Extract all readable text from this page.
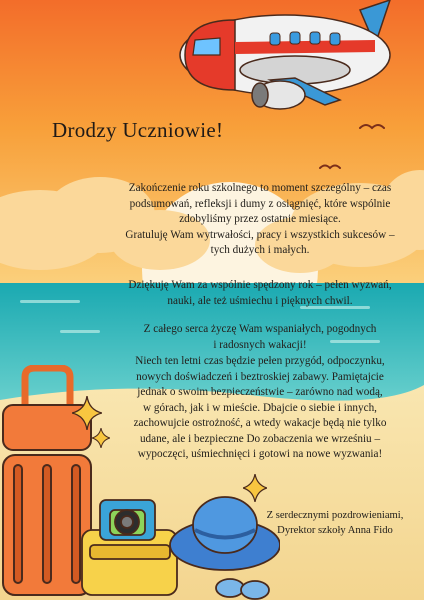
Drodzy Uczniowie!
Zakończenie roku szkolnego to moment szczególny – czas
podsumowań, refleksji i dumy z osiągnięć, które wspólnie
zdobyliśmy przez ostatnie miesiące.
Gratuluję Wam wytrwałości, pracy i wszystkich sukcesów –
tych dużych i małych.
Dziękuję Wam za wspólnie spędzony rok – pełen wyzwań,
nauki, ale też uśmiechu i pięknych chwil.
Z całego serca życzę Wam wspaniałych, pogodnych
i radosnych wakacji!
Niech ten letni czas będzie pełen przygód, odpoczynku,
nowych doświadczeń i beztroskiej zabawy. Pamiętajcie
jednak o swoim bezpieczeństwie – zarówno nad wodą,
w górach, jak i w mieście. Dbajcie o siebie i innych,
zachowujcie ostrożność, a wtedy wakacje będą nie tylko
udane, ale i bezpieczne Do zobaczenia we wrześniu –
wypoczęci, uśmiechnięci i gotowi na nowe wyzwania!
Z serdecznymi pozdrowieniami,
Dyrektor szkoły Anna Fido
